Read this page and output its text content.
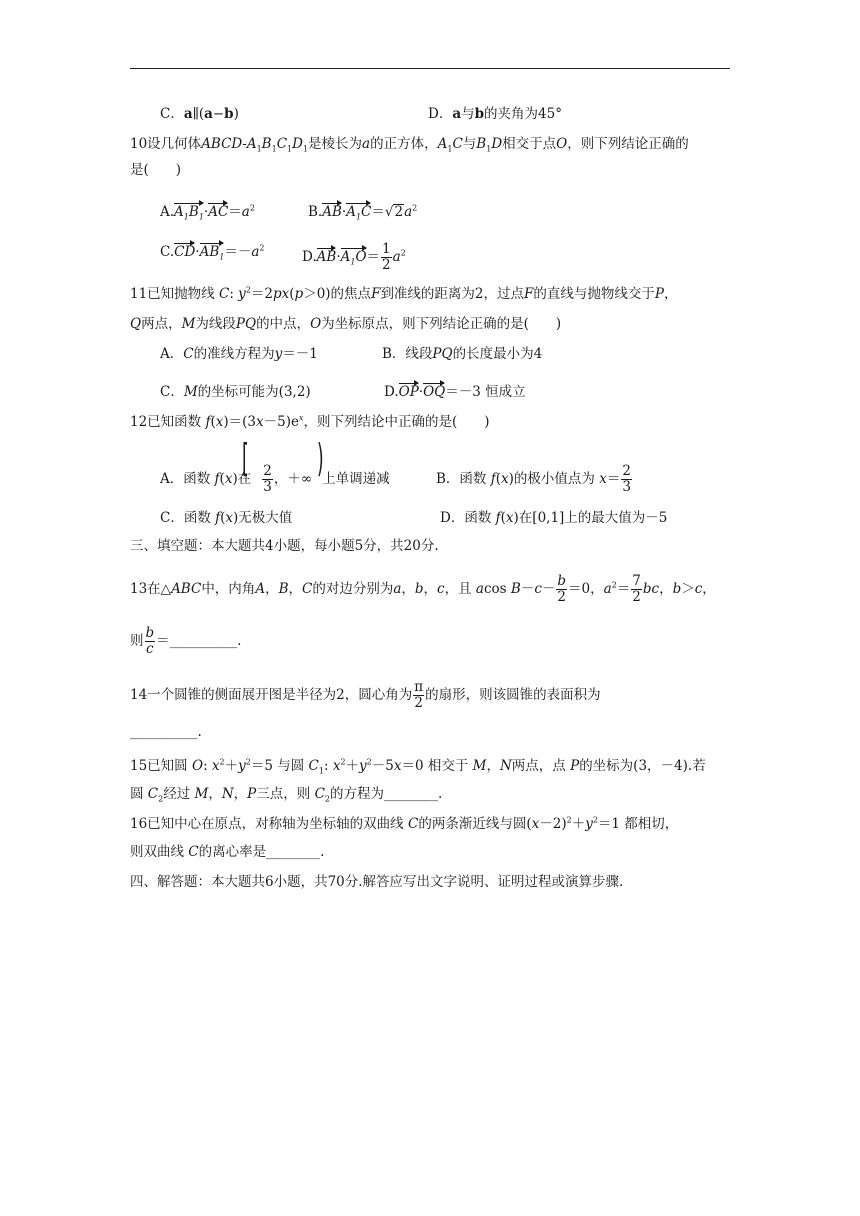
C．a∥(a−b)	D．a与b的夹角为45°
10设几何体ABCD-$A_1B_1C_1D_1$是棱长为a的正方体，$A_1C$与$B_1D$相交于点O，则下列结论正确的
是(　　)
$A.A_1B_1\cdot AC=a^2$	$B.AB\cdot A_1C=√2a^2$
$C.CD\cdot AB_1=-a^2$
$D.AB\cdot A_1O= \frac{1}{2} a^2$
11已知抛物线 C: $y^2=2px(p>0)$的焦点F到准线的距离为2，过点F的直线与抛物线交于P，
Q两点，M为线段PQ的中点，O为坐标原点，则下列结论正确的是(　　)
A．C的准线方程为y＝－1	B．线段PQ的长度最小为4
C．M的坐标可能为(3,2)	D.OP·OQ＝－3 恒成立
12已知函数 $f(x)=(3x-5)e^x$，则下列结论中正确的是(　　)
[
A．函数 f(x)在 $\frac{2}{3}$ ，＋∞ 上单调递减
)	B．函数 f(x)的极小值点为 $x= \frac{2}{3}$
C．函数 f(x)无极大值	D．函数 f(x)在[0,1]上的最大值为－5
三、填空题：本大题共4小题，每小题5分，共20分.
13在△ABC中，内角A，B，C的对边分别为a，b，c，且 acos $B-c- \frac{b}{2} =0$，$a^2= \frac{7}{2}$ bc，b＞c，
则 $\frac{b}{c}$ ＝__________.
14一个圆锥的侧面展开图是半径为2，圆心角为 $\frac{\pi}{2}$ 的扇形，则该圆锥的表面积为
__________.
15已知圆 O: $x^2+y^2=5$ 与圆 $C_1$: $x^2+y^2-5x=0$ 相交于 M，N两点，点 P的坐标为(3，－4).若
圆 $C_2$经过 M，N，P三点，则 $C_2$的方程为________.
16已知中心在原点，对称轴为坐标轴的双曲线 C的两条渐近线与圆$(x-2)^2+y^2=1$ 都相切，
则双曲线 C的离心率是________.
四、解答题：本大题共6小题，共70分.解答应写出文字说明、证明过程或演算步骤.
